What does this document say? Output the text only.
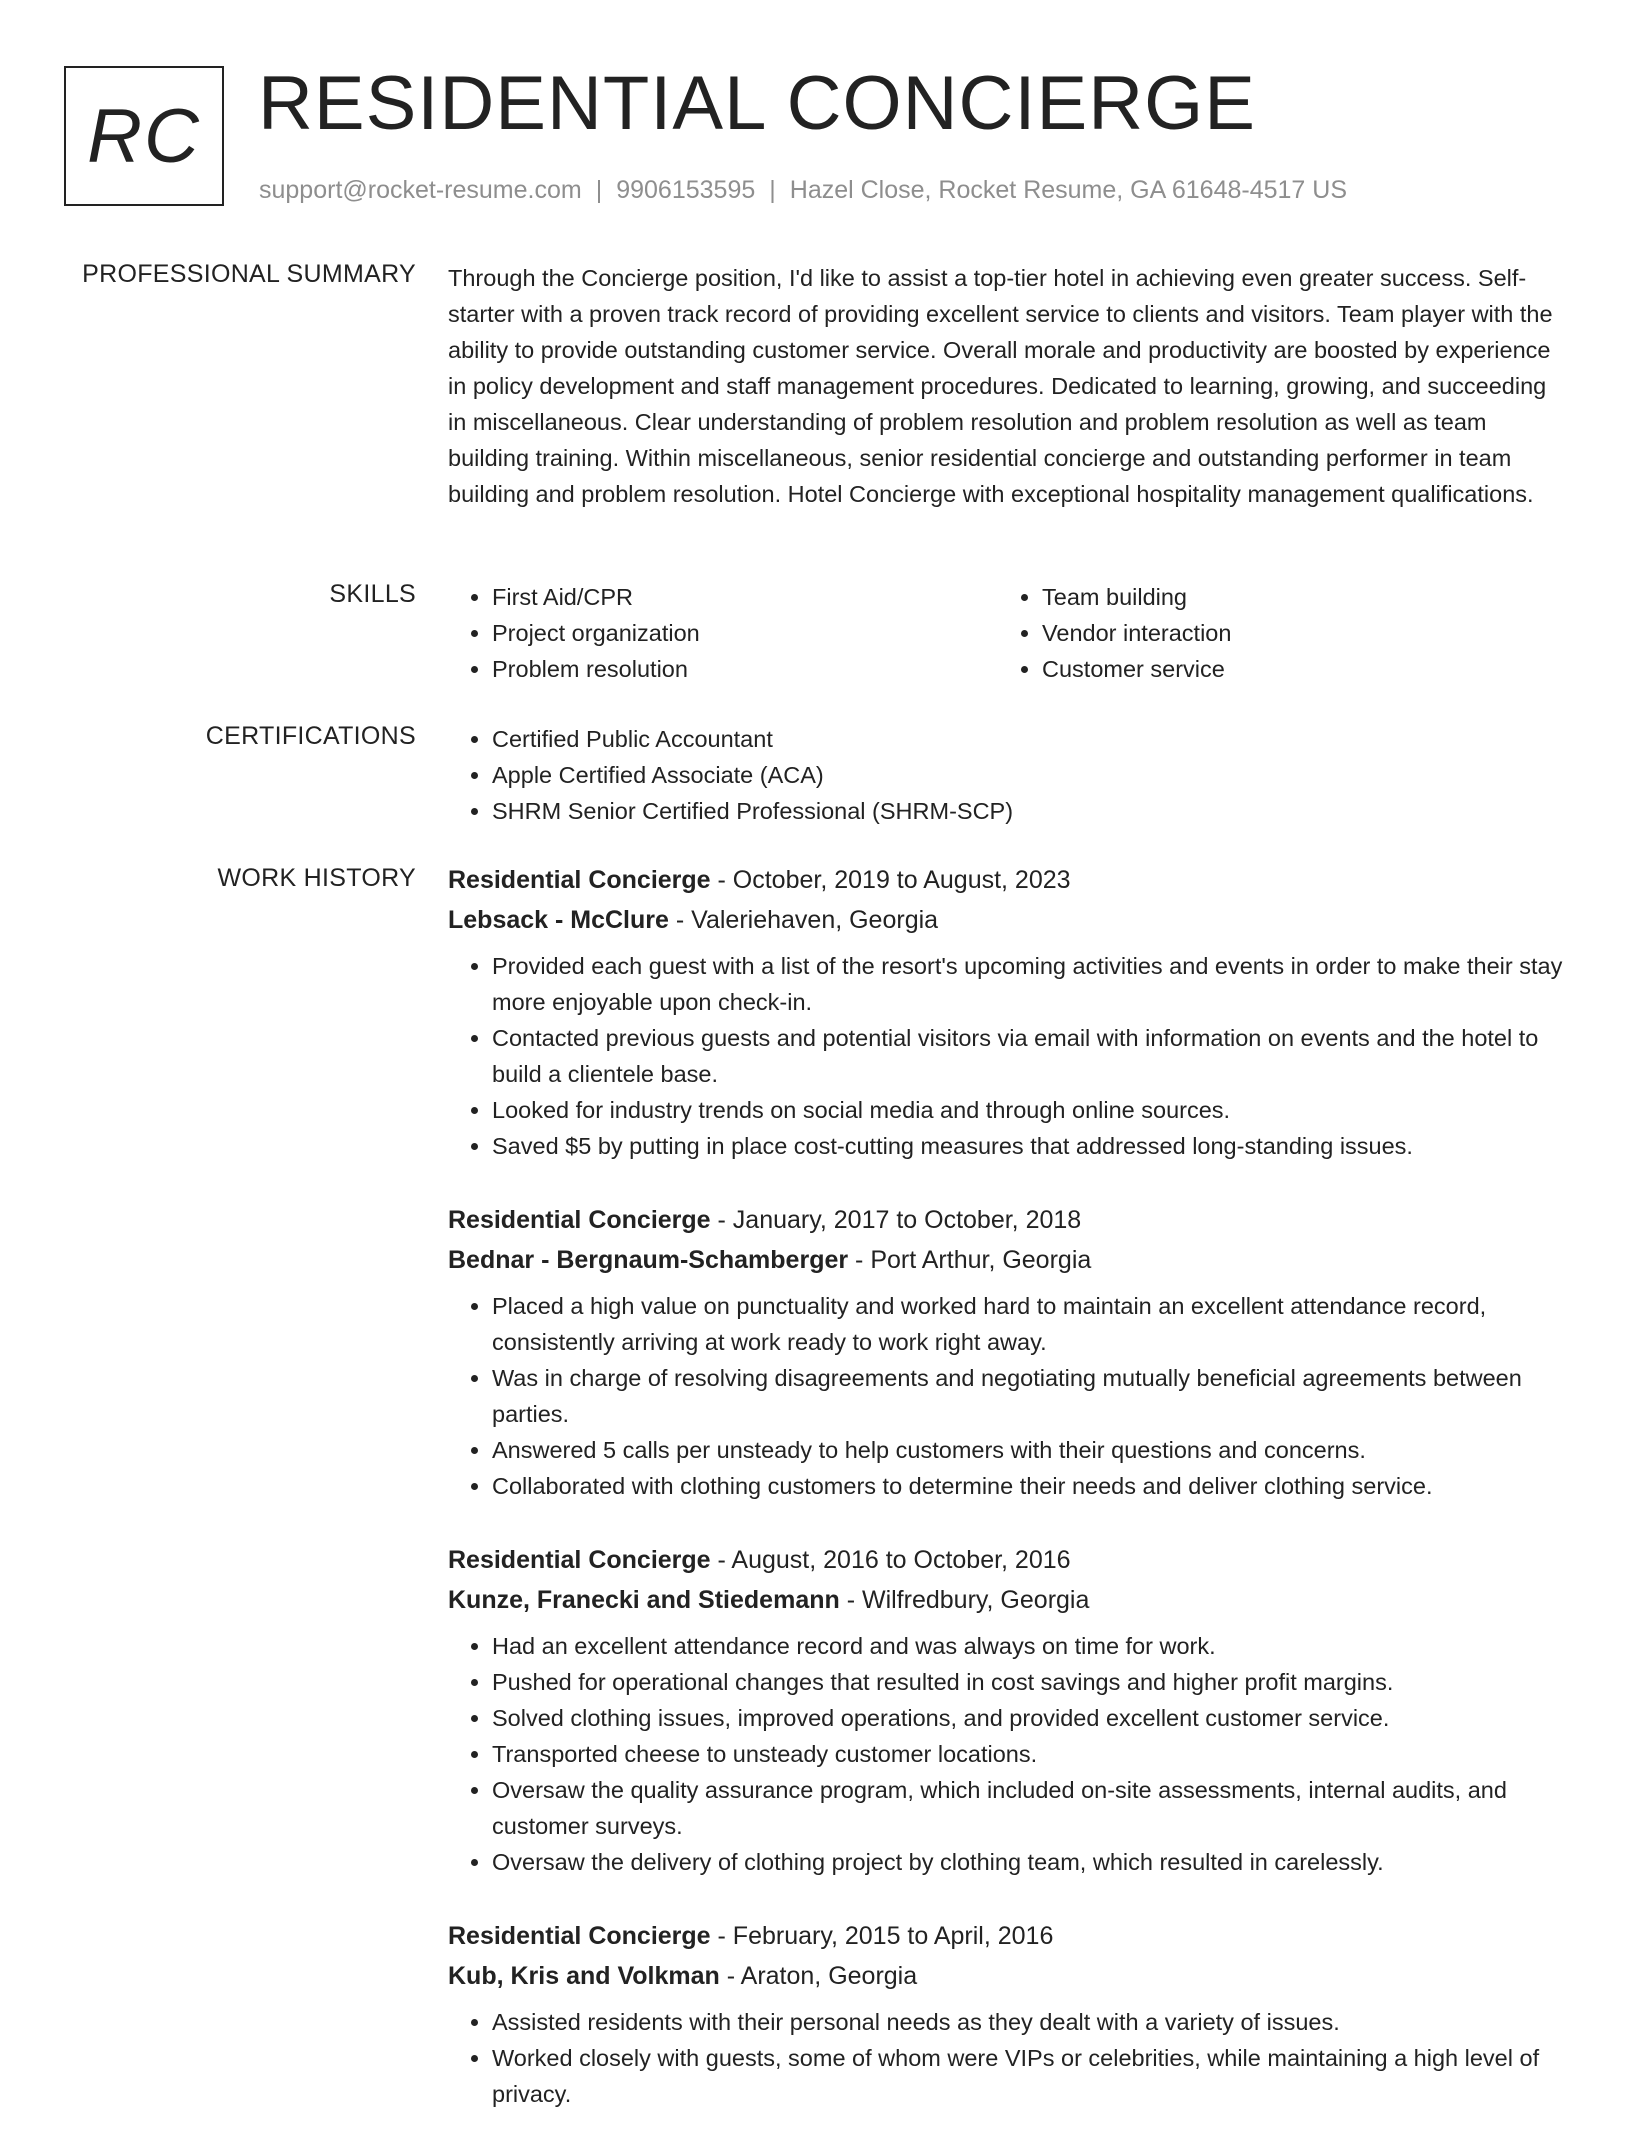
RC RESIDENTIAL CONCIERGE
support@rocket-resume.com | 9906153595 | Hazel Close, Rocket Resume, GA 61648-4517 US
PROFESSIONAL SUMMARY Through the Concierge position, I'd like to assist a top-tier hotel in achieving even greater success. Self-starter with a proven track record of providing excellent service to clients and visitors. Team player with the ability to provide outstanding customer service. Overall morale and productivity are boosted by experience in policy development and staff management procedures. Dedicated to learning, growing, and succeeding in miscellaneous. Clear understanding of problem resolution and problem resolution as well as team building training. Within miscellaneous, senior residential concierge and outstanding performer in team building and problem resolution. Hotel Concierge with exceptional hospitality management qualifications.

SKILLS	• First Aid/CPR	• Team building
• Project organization	• Vendor interaction
• Problem resolution	• Customer service
CERTIFICATIONS	• Certified Public Accountant
• Apple Certified Associate (ACA)
• SHRM Senior Certified Professional (SHRM-SCP)
WORK HISTORY Residential Concierge - October, 2019 to August, 2023
Lebsack - McClure - Valeriehaven, Georgia
• Provided each guest with a list of the resort's upcoming activities and events in order to make their stay more enjoyable upon check-in.
• Contacted previous guests and potential visitors via email with information on events and the hotel to build a clientele base.
• Looked for industry trends on social media and through online sources.
• Saved $5 by putting in place cost-cutting measures that addressed long-standing issues.
Residential Concierge - January, 2017 to October, 2018
Bednar - Bergnaum-Schamberger - Port Arthur, Georgia
• Placed a high value on punctuality and worked hard to maintain an excellent attendance record, consistently arriving at work ready to work right away.
• Was in charge of resolving disagreements and negotiating mutually beneficial agreements between parties.
• Answered 5 calls per unsteady to help customers with their questions and concerns.
• Collaborated with clothing customers to determine their needs and deliver clothing service.
Residential Concierge - August, 2016 to October, 2016
Kunze, Franecki and Stiedemann - Wilfredbury, Georgia
• Had an excellent attendance record and was always on time for work.
• Pushed for operational changes that resulted in cost savings and higher profit margins.
• Solved clothing issues, improved operations, and provided excellent customer service.
• Transported cheese to unsteady customer locations.
• Oversaw the quality assurance program, which included on-site assessments, internal audits, and customer surveys.
• Oversaw the delivery of clothing project by clothing team, which resulted in carelessly.
Residential Concierge - February, 2015 to April, 2016
Kub, Kris and Volkman - Araton, Georgia
• Assisted residents with their personal needs as they dealt with a variety of issues.
• Worked closely with guests, some of whom were VIPs or celebrities, while maintaining a high level of privacy.
